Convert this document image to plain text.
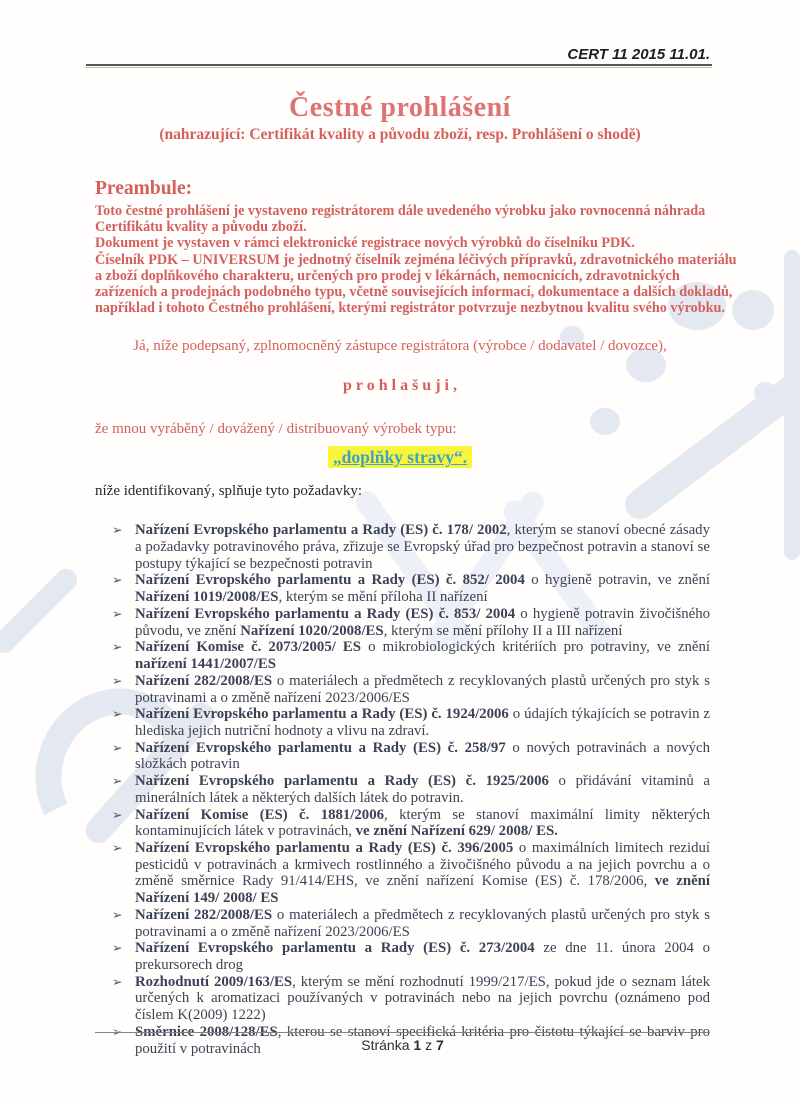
CERT 11 2015 11.01.
Čestné prohlášení
(nahrazující: Certifikát kvality a původu zboží, resp. Prohlášení o shodě)
Preambule:

Toto čestné prohlášení je vystaveno registrátorem dále uvedeného výrobku jako rovnocenná náhrada Certifikátu kvality a původu zboží.

Dokument je vystaven v rámci elektronické registrace nových výrobků do číselníku PDK.

Číselník PDK – UNIVERSUM je jednotný číselník zejména léčivých přípravků, zdravotnického materiálu a zboží doplňkového charakteru, určených pro prodej v lékárnách, nemocnicích, zdravotnických zařízeních a prodejnách podobného typu, včetně souvisejících informací, dokumentace a dalších dokladů, například i tohoto Čestného prohlášení, kterými registrátor potvrzuje nezbytnou kvalitu svého výrobku.

Já, níže podepsaný, zplnomocněný zástupce registrátora (výrobce / dodavatel / dovozce),
p r o h l a š u j i ,
že mnou vyráběný / dovážený / distribuovaný výrobek typu:
„doplňky stravy“.
níže identifikovaný, splňuje tyto požadavky:
➢ Nařízení Evropského parlamentu a Rady (ES) č. 178/ 2002, kterým se stanoví obecné zásady a požadavky potravinového práva, zřizuje se Evropský úřad pro bezpečnost potravin a stanoví se postupy týkající se bezpečnosti potravin
➢ Nařízení Evropského parlamentu a Rady (ES) č. 852/ 2004 o hygieně potravin, ve znění Nařízení 1019/2008/ES, kterým se mění příloha II nařízení
➢ Nařízení Evropského parlamentu a Rady (ES) č. 853/ 2004 o hygieně potravin živočišného původu, ve znění Nařízení 1020/2008/ES, kterým se mění přílohy II a III nařízení
➢ Nařízení Komise č. 2073/2005/ ES o mikrobiologických kritériích pro potraviny, ve znění nařízení 1441/2007/ES
➢ Nařízení 282/2008/ES o materiálech a předmětech z recyklovaných plastů určených pro styk s potravinami a o změně nařízení 2023/2006/ES
➢ Nařízení Evropského parlamentu a Rady (ES) č. 1924/2006 o údajích týkajících se potravin z hlediska jejich nutriční hodnoty a vlivu na zdraví.
➢ Nařízení Evropského parlamentu a Rady (ES) č. 258/97 o nových potravinách a nových složkách potravin
➢ Nařízení Evropského parlamentu a Rady (ES) č. 1925/2006 o přidávání vitaminů a minerálních látek a některých dalších látek do potravin.
➢ Nařízení Komise (ES) č. 1881/2006, kterým se stanoví maximální limity některých kontaminujících látek v potravinách, ve znění Nařízení 629/ 2008/ ES.
➢ Nařízení Evropského parlamentu a Rady (ES) č. 396/2005 o maximálních limitech reziduí pesticidů v potravinách a krmivech rostlinného a živočišného původu a na jejich povrchu a o změně směrnice Rady 91/414/EHS, ve znění nařízení Komise (ES) č. 178/2006, ve znění Nařízení 149/ 2008/ ES
➢ Nařízení 282/2008/ES o materiálech a předmětech z recyklovaných plastů určených pro styk s potravinami a o změně nařízení 2023/2006/ES
➢ Nařízení Evropského parlamentu a Rady (ES) č. 273/2004 ze dne 11. února 2004 o prekursorech drog
➢ Rozhodnutí 2009/163/ES, kterým se mění rozhodnutí 1999/217/ES, pokud jde o seznam látek určených k aromatizaci používaných v potravinách nebo na jejich povrchu (oznámeno pod číslem K(2009) 1222)
➢ Směrnice 2008/128/ES, kterou se stanoví specifická kritéria pro čistotu týkající se barviv pro použití v potravinách	Stránka 1 z 7
